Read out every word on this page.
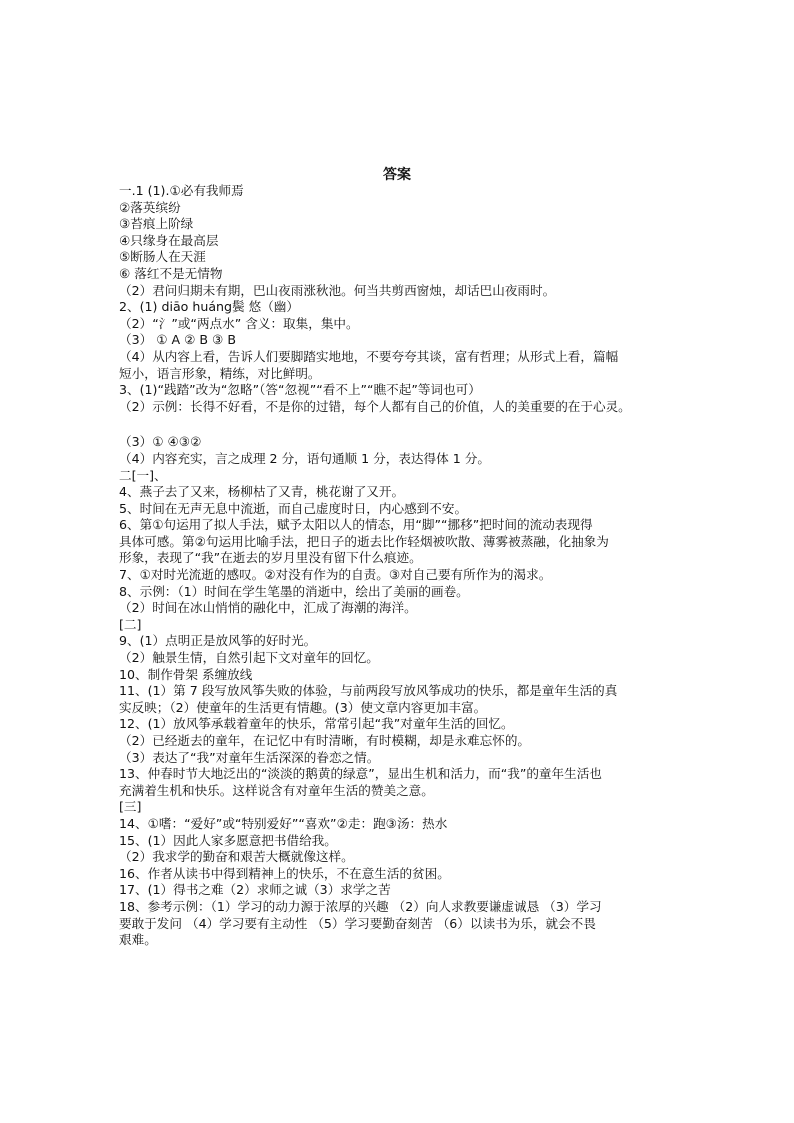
答案
一.1 (1).①必有我师焉
②落英缤纷
③苔痕上阶绿
④只缘身在最高层
⑤断肠人在天涯
⑥ 落红不是无情物
（2）君问归期未有期，巴山夜雨涨秋池。何当共剪西窗烛，却话巴山夜雨时。
2、(1) diāo huáng鬓 悠（幽）
（2）“氵”或“两点水” 含义：取集，集中。
（3） ① A ② B ③ B
（4）从内容上看，告诉人们要脚踏实地地，不要夸夸其谈，富有哲理；从形式上看，篇幅
短小，语言形象，精练，对比鲜明。
3、(1)“践踏”改为“忽略”（答“忽视”“看不上”“瞧不起”等词也可）
（2）示例：长得不好看，不是你的过错，每个人都有自己的价值，人的美重要的在于心灵。
（3）① ④③②
（4）内容充实，言之成理 2 分，语句通顺 1 分，表达得体 1 分。
二[一]、
4、燕子去了又来，杨柳枯了又青，桃花谢了又开。
5、时间在无声无息中流逝，而自己虚度时日，内心感到不安。
6、第①句运用了拟人手法，赋予太阳以人的情态，用“脚”“挪移”把时间的流动表现得
具体可感。第②句运用比喻手法，把日子的逝去比作轻烟被吹散、薄雾被蒸融，化抽象为
形象，表现了“我”在逝去的岁月里没有留下什么痕迹。
7、①对时光流逝的感叹。②对没有作为的自责。③对自己要有所作为的渴求。
8、示例：（1）时间在学生笔墨的消逝中，绘出了美丽的画卷。
（2）时间在冰山悄悄的融化中，汇成了海潮的海洋。
[二]
9、(1）点明正是放风筝的好时光。
（2）触景生情，自然引起下文对童年的回忆。
10、制作骨架 系缠放线
11、(1）第 7 段写放风筝失败的体验，与前两段写放风筝成功的快乐，都是童年生活的真
实反映；（2）使童年的生活更有情趣。(3）使文章内容更加丰富。
12、(1）放风筝承载着童年的快乐，常常引起“我”对童年生活的回忆。
（2）已经逝去的童年，在记忆中有时清晰，有时模糊，却是永难忘怀的。
（3）表达了“我”对童年生活深深的眷恋之情。
13、仲春时节大地泛出的“淡淡的鹅黄的绿意”，显出生机和活力，而“我”的童年生活也
充满着生机和快乐。这样说含有对童年生活的赞美之意。
[三]
14、①嗜：“爱好”或“特别爱好”“喜欢”②走：跑③汤：热水
15、(1）因此人家多愿意把书借给我。
（2）我求学的勤奋和艰苦大概就像这样。
16、作者从读书中得到精神上的快乐，不在意生活的贫困。
17、(1）得书之难（2）求师之诚（3）求学之苦
18、参考示例：（1）学习的动力源于浓厚的兴趣 （2）向人求教要谦虚诚恳 （3）学习
要敢于发问 （4）学习要有主动性 （5）学习要勤奋刻苦 （6）以读书为乐，就会不畏
艰难。
